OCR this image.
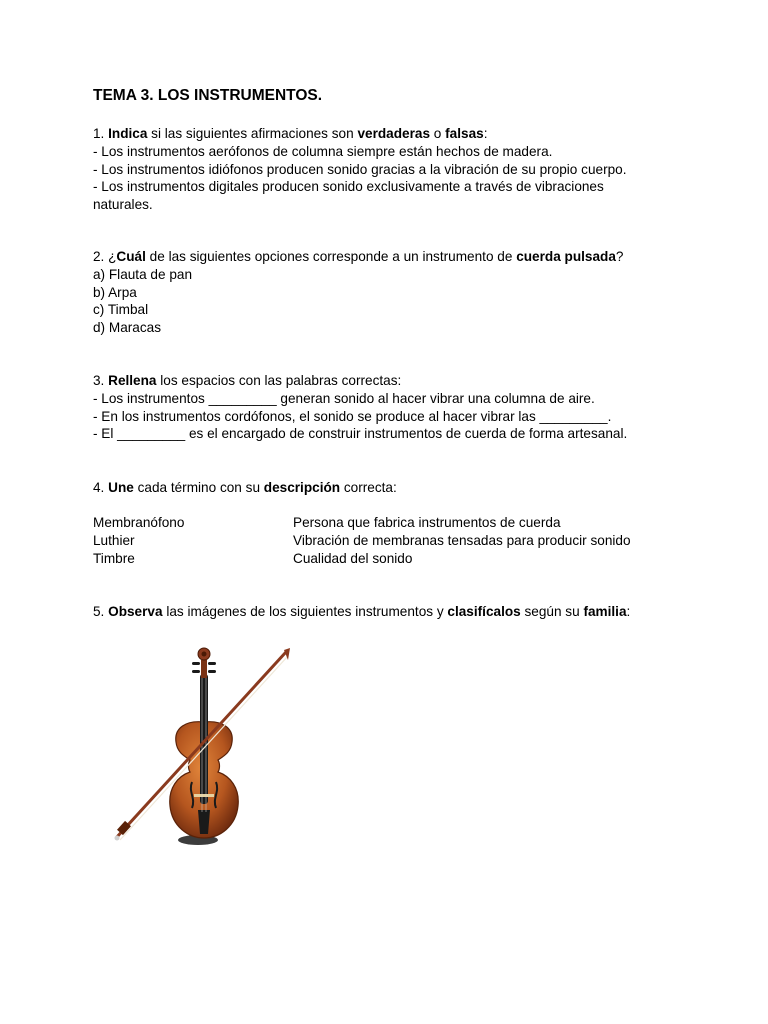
TEMA 3. LOS INSTRUMENTOS.
1. Indica si las siguientes afirmaciones son verdaderas o falsas:
- Los instrumentos aerófonos de columna siempre están hechos de madera.
- Los instrumentos idiófonos producen sonido gracias a la vibración de su propio cuerpo.
- Los instrumentos digitales producen sonido exclusivamente a través de vibraciones naturales.
2. ¿Cuál de las siguientes opciones corresponde a un instrumento de cuerda pulsada?
a) Flauta de pan
b) Arpa
c) Timbal
d) Maracas
3. Rellena los espacios con las palabras correctas:
- Los instrumentos _________ generan sonido al hacer vibrar una columna de aire.
- En los instrumentos cordófonos, el sonido se produce al hacer vibrar las _________.
- El _________ es el encargado de construir instrumentos de cuerda de forma artesanal.
4. Une cada término con su descripción correcta:
Membranófono	Persona que fabrica instrumentos de cuerda
Luthier	Vibración de membranas tensadas para producir sonido
Timbre	Cualidad del sonido
5. Observa las imágenes de los siguientes instrumentos y clasifícalos según su familia:
